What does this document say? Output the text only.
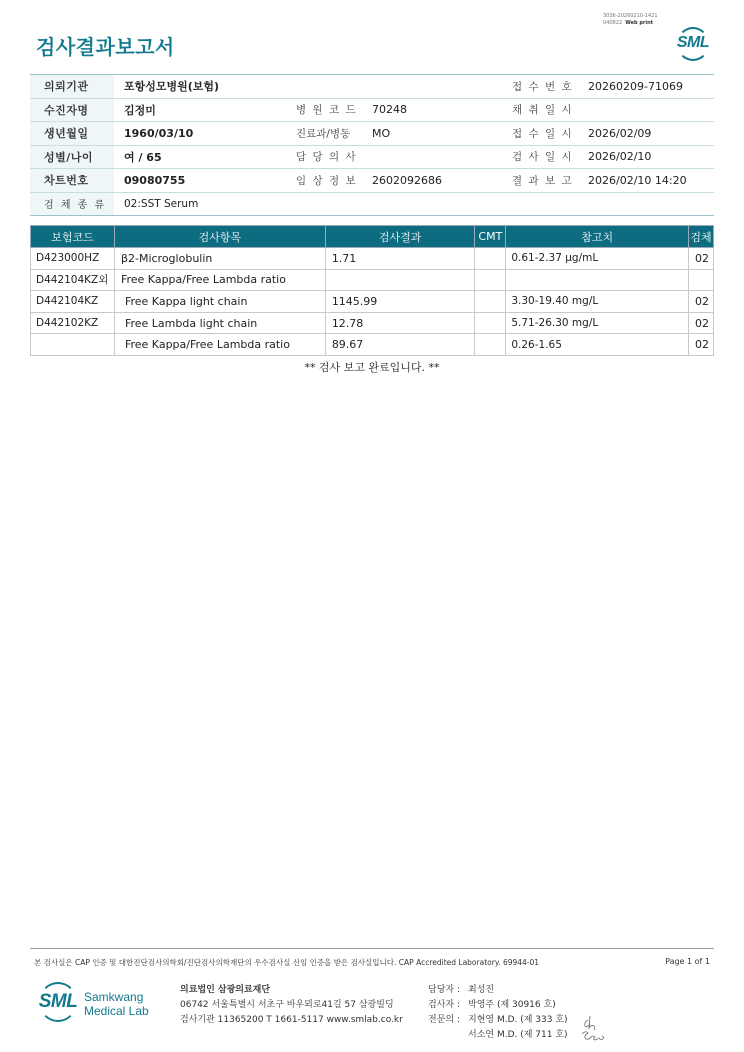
3036-20260210-1421
040822 Web print
검사결과보고서	SML
의뢰기관	포항성모병원(보험)			접 수 번 호	20260209-71069
수진자명	김정미	병 원 코 드	70248	채 취 일 시	
생년월일	1960/03/10	진료과/병동	MO	접 수 일 시	2026/02/09
성별/나이	여 / 65	담 당 의 사		검 사 일 시	2026/02/10
차트번호	09080755	임 상 정 보	2602092686	결 과 보 고	2026/02/10 14:20
검 체 종 류	02:SST Serum				
보험코드	검사항목	검사결과	CMT	참고치	검체
D423000HZ	β2-Microglobulin	1.71		0.61-2.37 μg/mL	02
D442104KZ외	Free Kappa/Free Lambda ratio				
D442104KZ	Free Kappa light chain	1145.99		3.30-19.40 mg/L	02
D442102KZ	Free Lambda light chain	12.78		5.71-26.30 mg/L	02
	Free Kappa/Free Lambda ratio	89.67		0.26-1.65	02
** 검사 보고 완료입니다. **
본 검사실은 CAP 인증 및 대한진단검사의학회/진단검사의학재단의 우수검사실 신임 인증을 받은 검사실입니다. CAP Accredited Laboratory. 69944-01	Page 1 of 1
SML Samkwang
Medical Lab
의료법인 삼광의료재단
06742 서울특별시 서초구 바우뫼로41길 57 삼광빌딩
검사기관 11365200 T 1661-5117 www.smlab.co.kr
담당자 : 최성진
검사자 : 박영주 (제 30916 호)
전문의 : 지현영 M.D. (제 333 호)
서소연 M.D. (제 711 호)
